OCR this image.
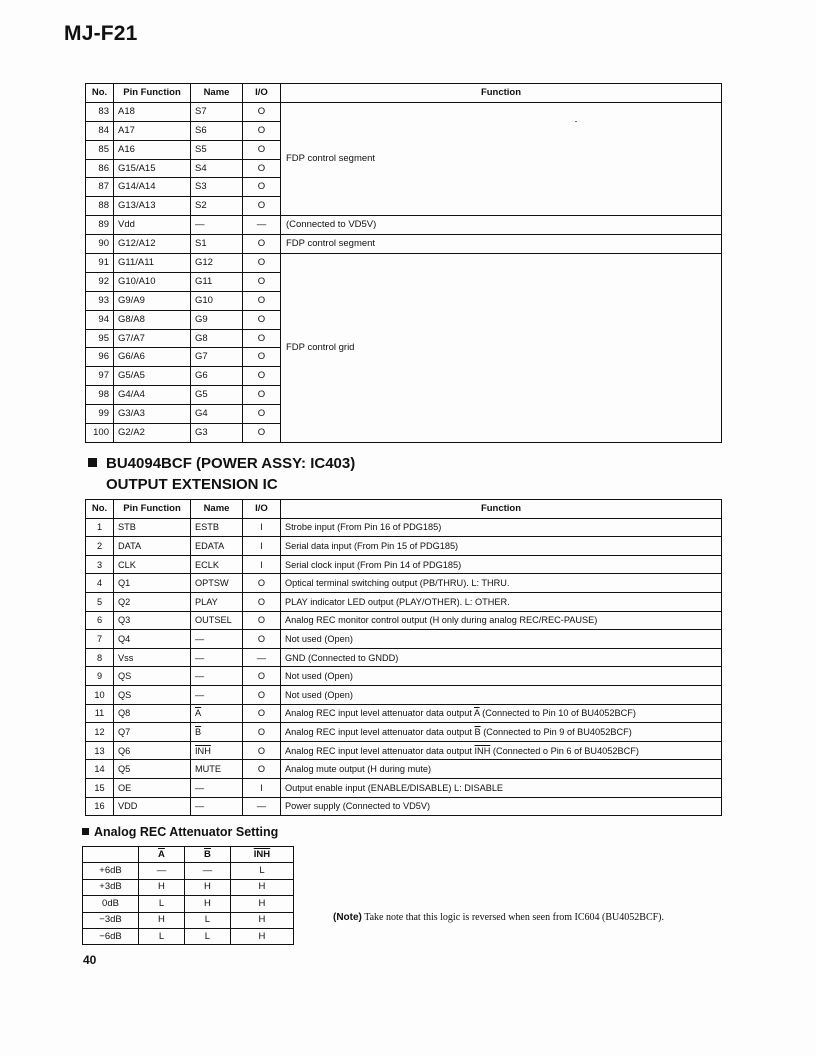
MJ-F21
No.	Pin Function	Name	I/O	Function
83	A18	S7	O	FDP control segment
84	A17	S6	O	
85	A16	S5	O	
86	G15/A15	S4	O	
87	G14/A14	S3	O	
88	G13/A13	S2	O	
89	Vdd	—	—	(Connected to VD5V)
90	G12/A12	S1	O	FDP control segment
91	G11/A11	G12	O	FDP control grid
92	G10/A10	G11	O	
93	G9/A9	G10	O	
94	G8/A8	G9	O	
95	G7/A7	G8	O	
96	G6/A6	G7	O	
97	G5/A5	G6	O	
98	G4/A4	G5	O	
99	G3/A3	G4	O	
100	G2/A2	G3	O	
BU4094BCF (POWER ASSY: IC403)
OUTPUT EXTENSION IC
No.	Pin Function	Name	I/O	Function
1	STB	ESTB	I	Strobe input (From Pin 16 of PDG185)
2	DATA	EDATA	I	Serial data input (From Pin 15 of PDG185)
3	CLK	ECLK	I	Serial clock input (From Pin 14 of PDG185)
4	Q1	OPTSW	O	Optical terminal switching output (PB/THRU). L: THRU.
5	Q2	PLAY	O	PLAY indicator LED output (PLAY/OTHER). L: OTHER.
6	Q3	OUTSEL	O	Analog REC monitor control output (H only during analog REC/REC-PAUSE)
7	Q4	—	O	Not used (Open)
8	Vss	—	—	GND (Connected to GNDD)
9	QS	—	O	Not used (Open)
10	QS	—	O	Not used (Open)
11	Q8	$\overline{A}$	O	Analog REC input level attenuator data output $\overline{A}$ (Connected to Pin 10 of BU4052BCF)
12	Q7	$\overline{B}$	O	Analog REC input level attenuator data output $\overline{B}$ (Connected to Pin 9 of BU4052BCF)
13	Q6	$\overline{INH}$	O	Analog REC input level attenuator data output $\overline{INH}$ (Connected o Pin 6 of BU4052BCF)
14	Q5	MUTE	O	Analog mute output (H during mute)
15	OE	—	I	Output enable input (ENABLE/DISABLE) L: DISABLE
16	VDD	—	—	Power supply (Connected to VD5V)
Analog REC Attenuator Setting
	$\overline{A}$	$\overline{B}$	$\overline{INH}$
+6dB	—	—	L
+3dB	H	H	H
0dB	L	H	H
−3dB	H	L	H
−6dB	L	L	H
(Note) Take note that this logic is reversed when seen from IC604 (BU4052BCF).
40
